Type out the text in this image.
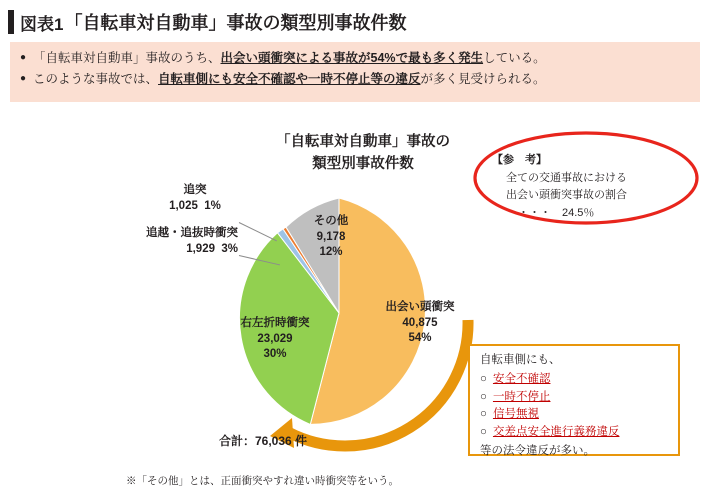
図表1 「自転車対自動車」事故の類型別事故件数
● 「自転車対自動車」事故のうち、出会い頭衝突による事故が54%で最も多く発生している。
● このような事故では、自転車側にも安全不確認や一時不停止等の違反が多く見受けられる。
「自転車対自動車」事故の
類型別事故件数
追突
1,025 1%
追越・追抜時衝突
1,929 3%
その他
9,178
12%
出会い頭衝突
40,875
54%
右左折時衝突
23,029
30%
合計：76,036 件
【参　考】
全ての交通事故における
出会い頭衝突事故の割合
・・・　24.5％
自転車側にも、
○ 安全不確認
○ 一時不停止
○ 信号無視
○ 交差点安全進行義務違反
等の法令違反が多い。
※「その他」とは、正面衝突やすれ違い時衝突等をいう。
